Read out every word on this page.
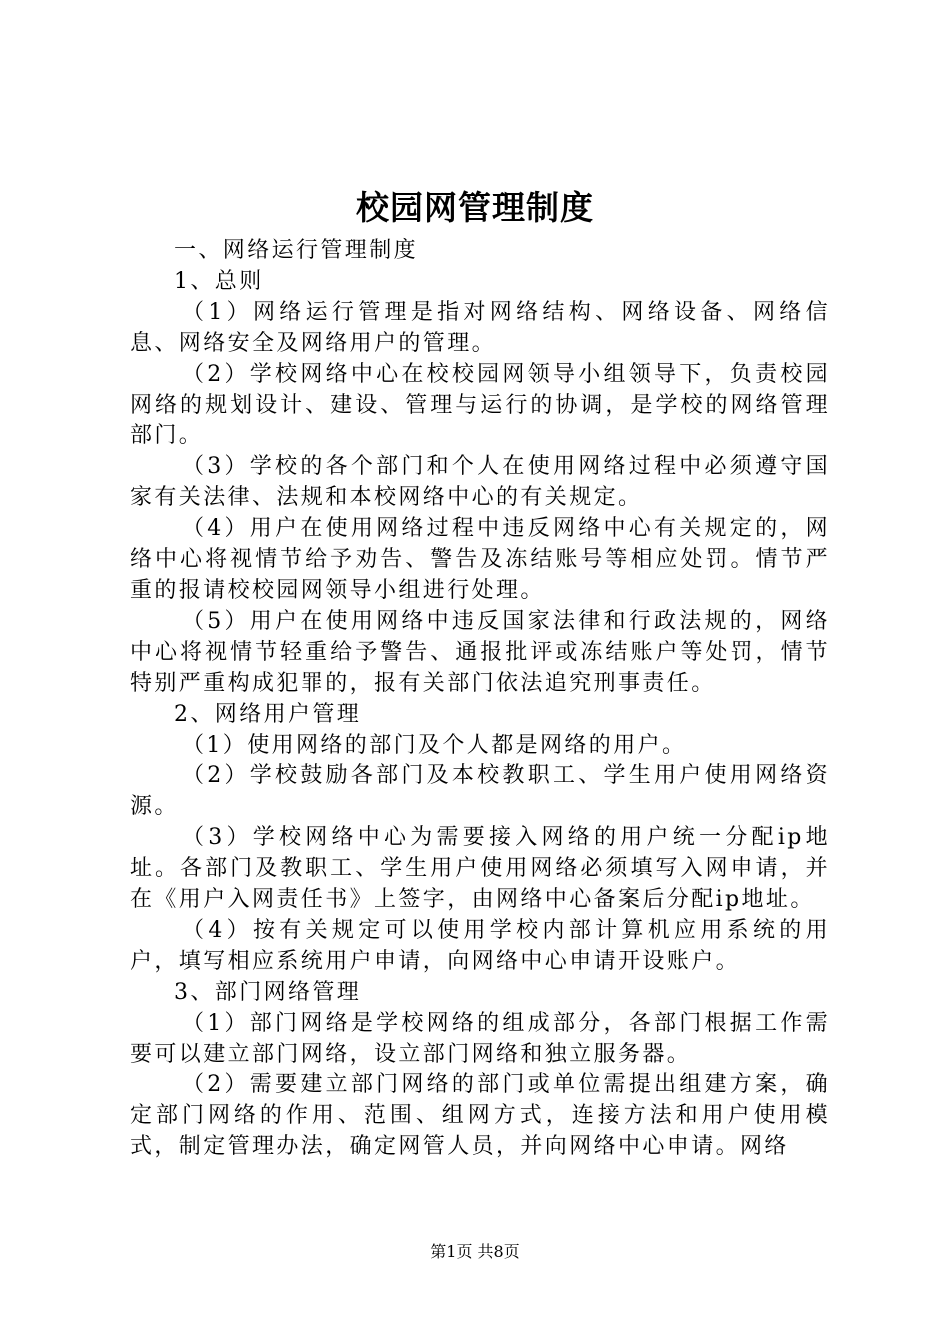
校园网管理制度

一、网络运行管理制度

1、总则

（1）网络运行管理是指对网络结构、网络设备、网络信息、网络安全及网络用户的管理。

（2）学校网络中心在校校园网领导小组领导下，负责校园网络的规划设计、建设、管理与运行的协调，是学校的网络管理部门。

（3）学校的各个部门和个人在使用网络过程中必须遵守国家有关法律、法规和本校网络中心的有关规定。

（4）用户在使用网络过程中违反网络中心有关规定的，网络中心将视情节给予劝告、警告及冻结账号等相应处罚。情节严重的报请校校园网领导小组进行处理。

（5）用户在使用网络中违反国家法律和行政法规的，网络中心将视情节轻重给予警告、通报批评或冻结账户等处罚，情节特别严重构成犯罪的，报有关部门依法追究刑事责任。

2、网络用户管理

（1）使用网络的部门及个人都是网络的用户。

（2）学校鼓励各部门及本校教职工、学生用户使用网络资源。

（3）学校网络中心为需要接入网络的用户统一分配ip地址。各部门及教职工、学生用户使用网络必须填写入网申请，并在《用户入网责任书》上签字，由网络中心备案后分配ip地址。

（4）按有关规定可以使用学校内部计算机应用系统的用户，填写相应系统用户申请，向网络中心申请开设账户。

3、部门网络管理

（1）部门网络是学校网络的组成部分，各部门根据工作需要可以建立部门网络，设立部门网络和独立服务器。

（2）需要建立部门网络的部门或单位需提出组建方案，确定部门网络的作用、范围、组网方式，连接方法和用户使用模式，制定管理办法，确定网管人员，并向网络中心申请。网络

第1页 共8页
